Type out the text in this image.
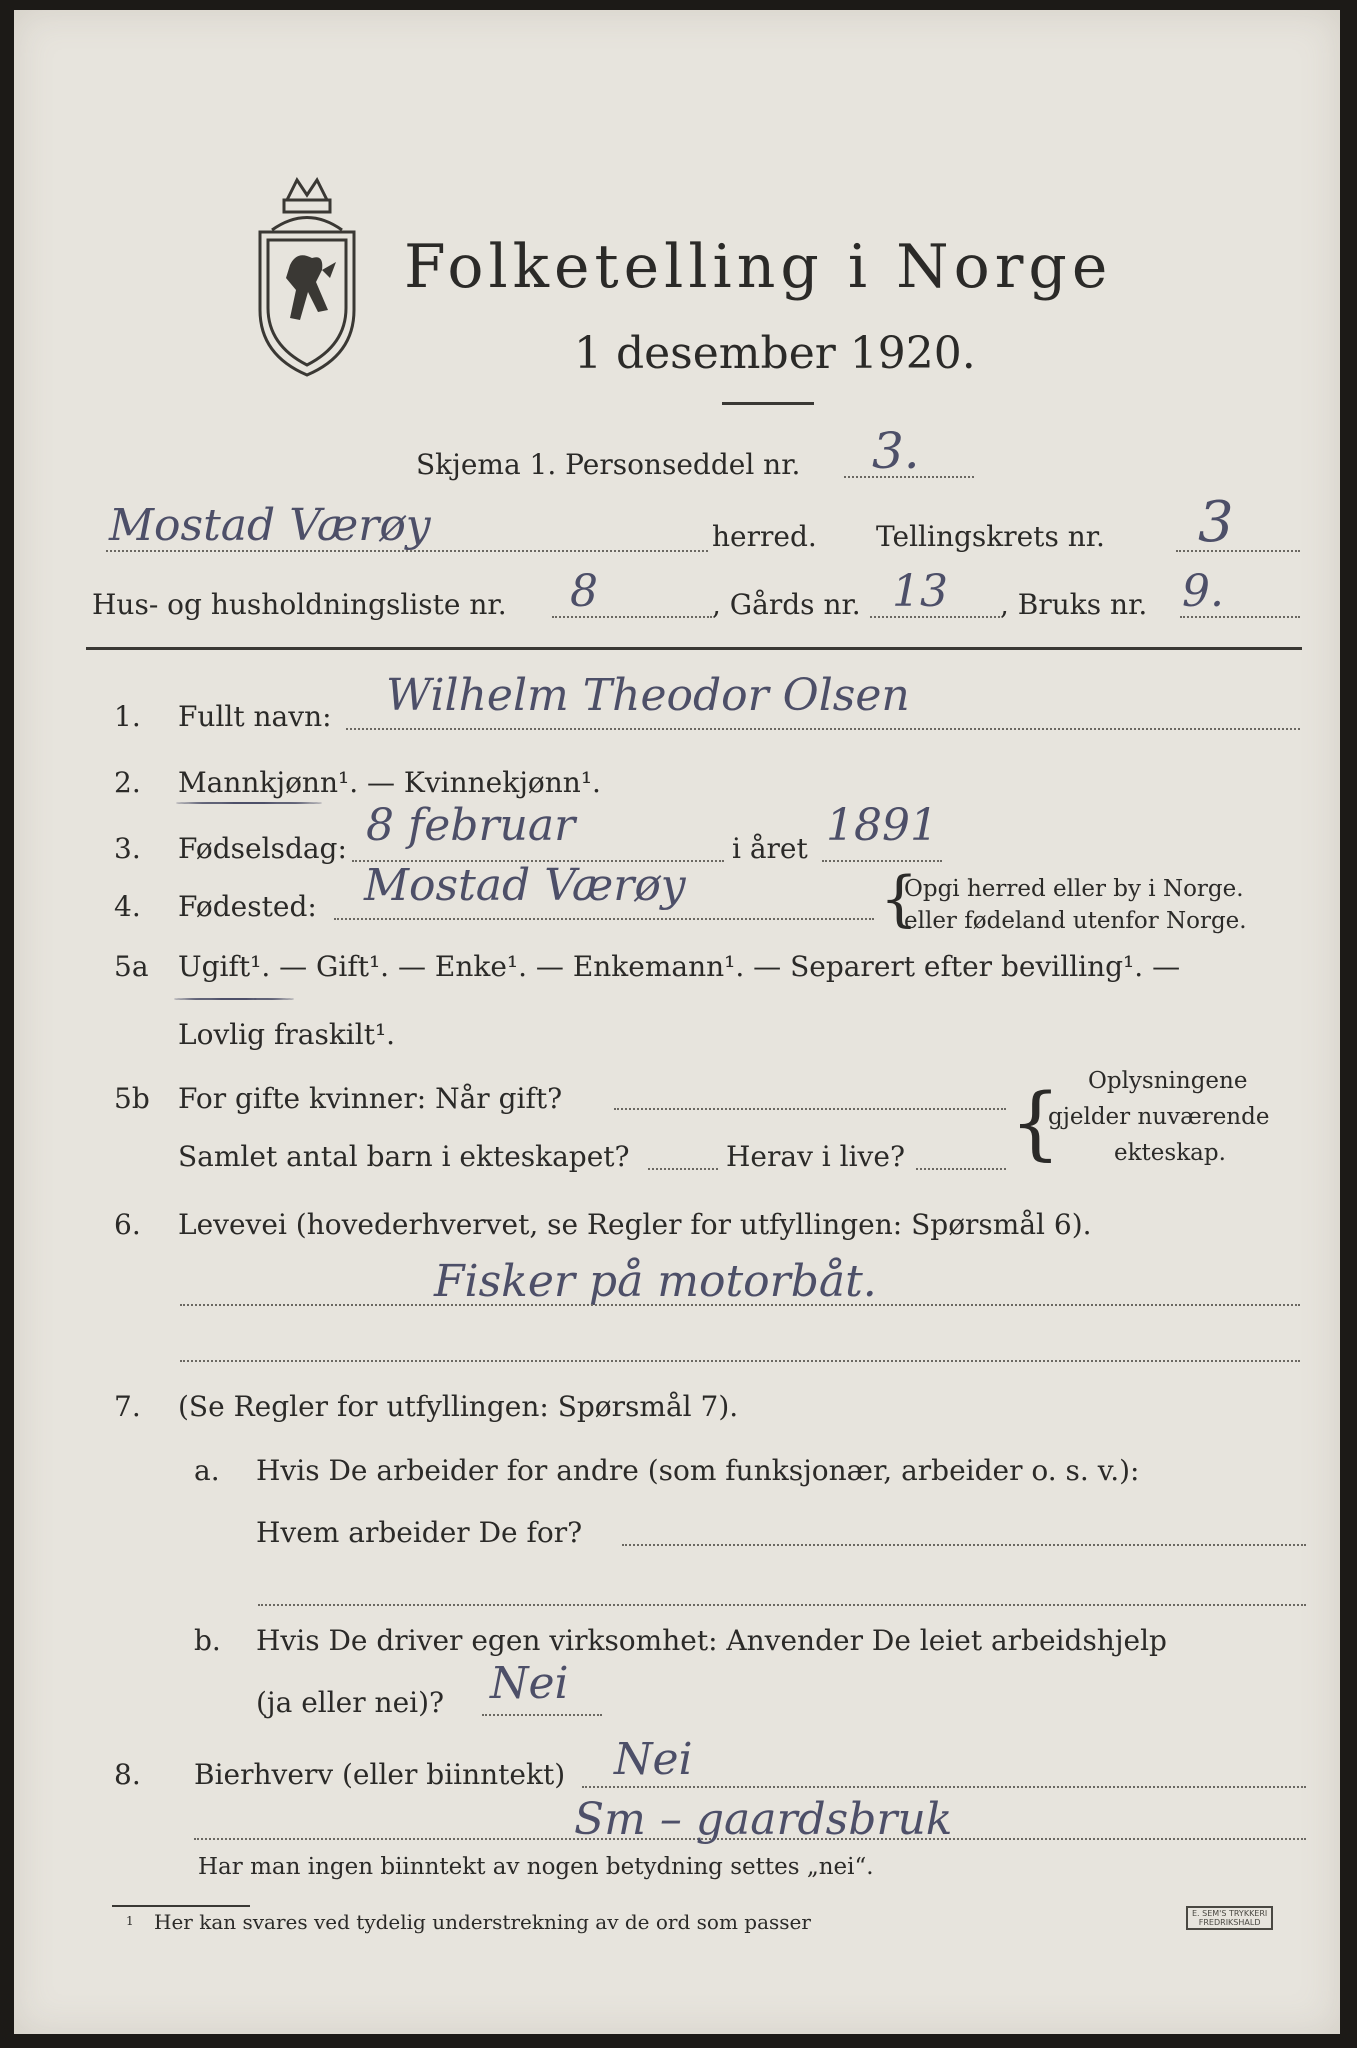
Folketelling i Norge
1 desember 1920.
Skjema 1. Personseddel nr. 3.
Mostad Værøy	herred. Tellingskrets nr. 3
Hus- og husholdningsliste nr. 8	, Gårds nr. 13 , Bruks nr. 9.
1. Fullt navn: Wilhelm Theodor Olsen
2. Mannkjønn¹. — Kvinnekjønn¹.
3. Fødselsdag: 8 februar	i året 1891
4. Fødested: Mostad Værøy	{
Opgi herred eller by i Norge.
eller fødeland utenfor Norge.
5a Ugift¹. — Gift¹. — Enke¹. — Enkemann¹. — Separert efter bevilling¹. —
Lovlig fraskilt¹.
5b For gifte kvinner: Når gift?
Samlet antal barn i ekteskapet?	Herav i live? { Oplysningene
gjelder nuværende
ekteskap.
6. Levevei (hovederhvervet, se Regler for utfyllingen: Spørsmål 6).
Fisker på motorbåt.
7. (Se Regler for utfyllingen: Spørsmål 7).
a. Hvis De arbeider for andre (som funksjonær, arbeider o. s. v.):
Hvem arbeider De for?
b. Hvis De driver egen virksomhet: Anvender De leiet arbeidshjelp
(ja eller nei)? Nei
8. Bierhverv (eller biinntekt) Nei
Sm – gaardsbruk
Har man ingen biinntekt av nogen betydning settes „nei“.
1 Her kan svares ved tydelig understrekning av de ord som passer	E. SEM'S TRYKKERI
FREDRIKSHALD
